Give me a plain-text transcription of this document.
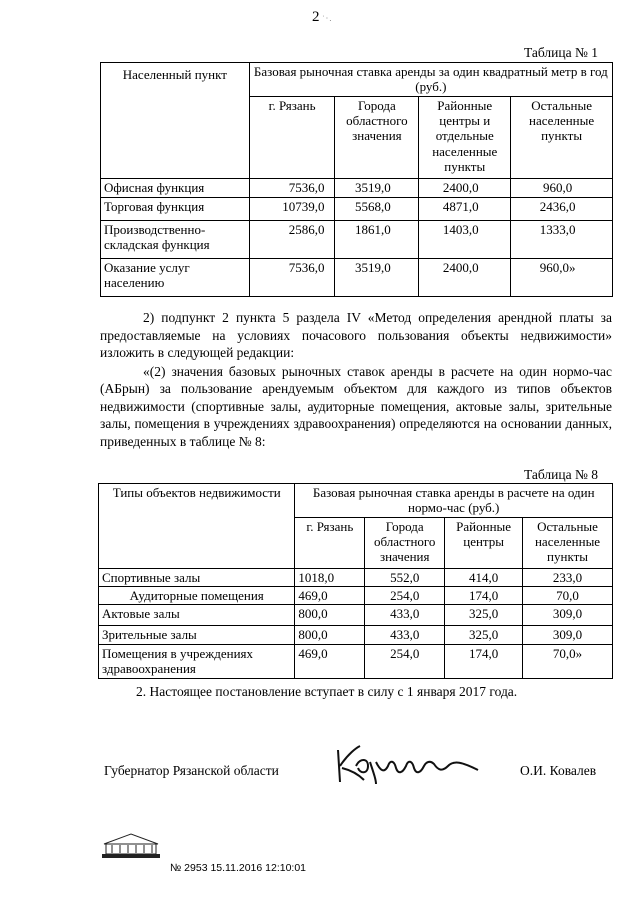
2 ˙·.
Таблица № 1
Населенный пункт	Базовая рыночная ставка аренды за один квадратный метр в год (руб.)			
	г. Рязань	Города областного значения	Районные центры и отдельные населенные пункты	Остальные населенные пункты
Офисная функция	7536,0	3519,0	2400,0	960,0
Торговая функция	10739,0	5568,0	4871,0	2436,0
Производственно-складская функция	2586,0	1861,0	1403,0	1333,0
Оказание услуг населению	7536,0	3519,0	2400,0	960,0»

2) подпункт 2 пункта 5 раздела IV «Метод определения арендной платы за предоставляемые на условиях почасового пользования объекты недвижимости» изложить в следующей редакции:

«(2) значения базовых рыночных ставок аренды в расчете на один нормо-час (АБрын) за пользование арендуемым объектом для каждого из типов объектов недвижимости (спортивные залы, аудиторные помещения, актовые залы, зрительные залы, помещения в учреждениях здравоохранения) определяются на основании данных, приведенных в таблице № 8:

Таблица № 8
Типы объектов недвижимости	Базовая рыночная ставка аренды в расчете на один нормо-час (руб.)			
	г. Рязань	Города областного значения	Районные центры	Остальные населенные пункты
Спортивные залы	1018,0	552,0	414,0	233,0
Аудиторные помещения	469,0	254,0	174,0	70,0
Актовые залы	800,0	433,0	325,0	309,0
Зрительные залы	800,0	433,0	325,0	309,0
Помещения в учреждениях здравоохранения	469,0	254,0	174,0	70,0»
2. Настоящее постановление вступает в силу с 1 января 2017 года.
Губернатор Рязанской области	О.И. Ковалев
№ 2953 15.11.2016 12:10:01
